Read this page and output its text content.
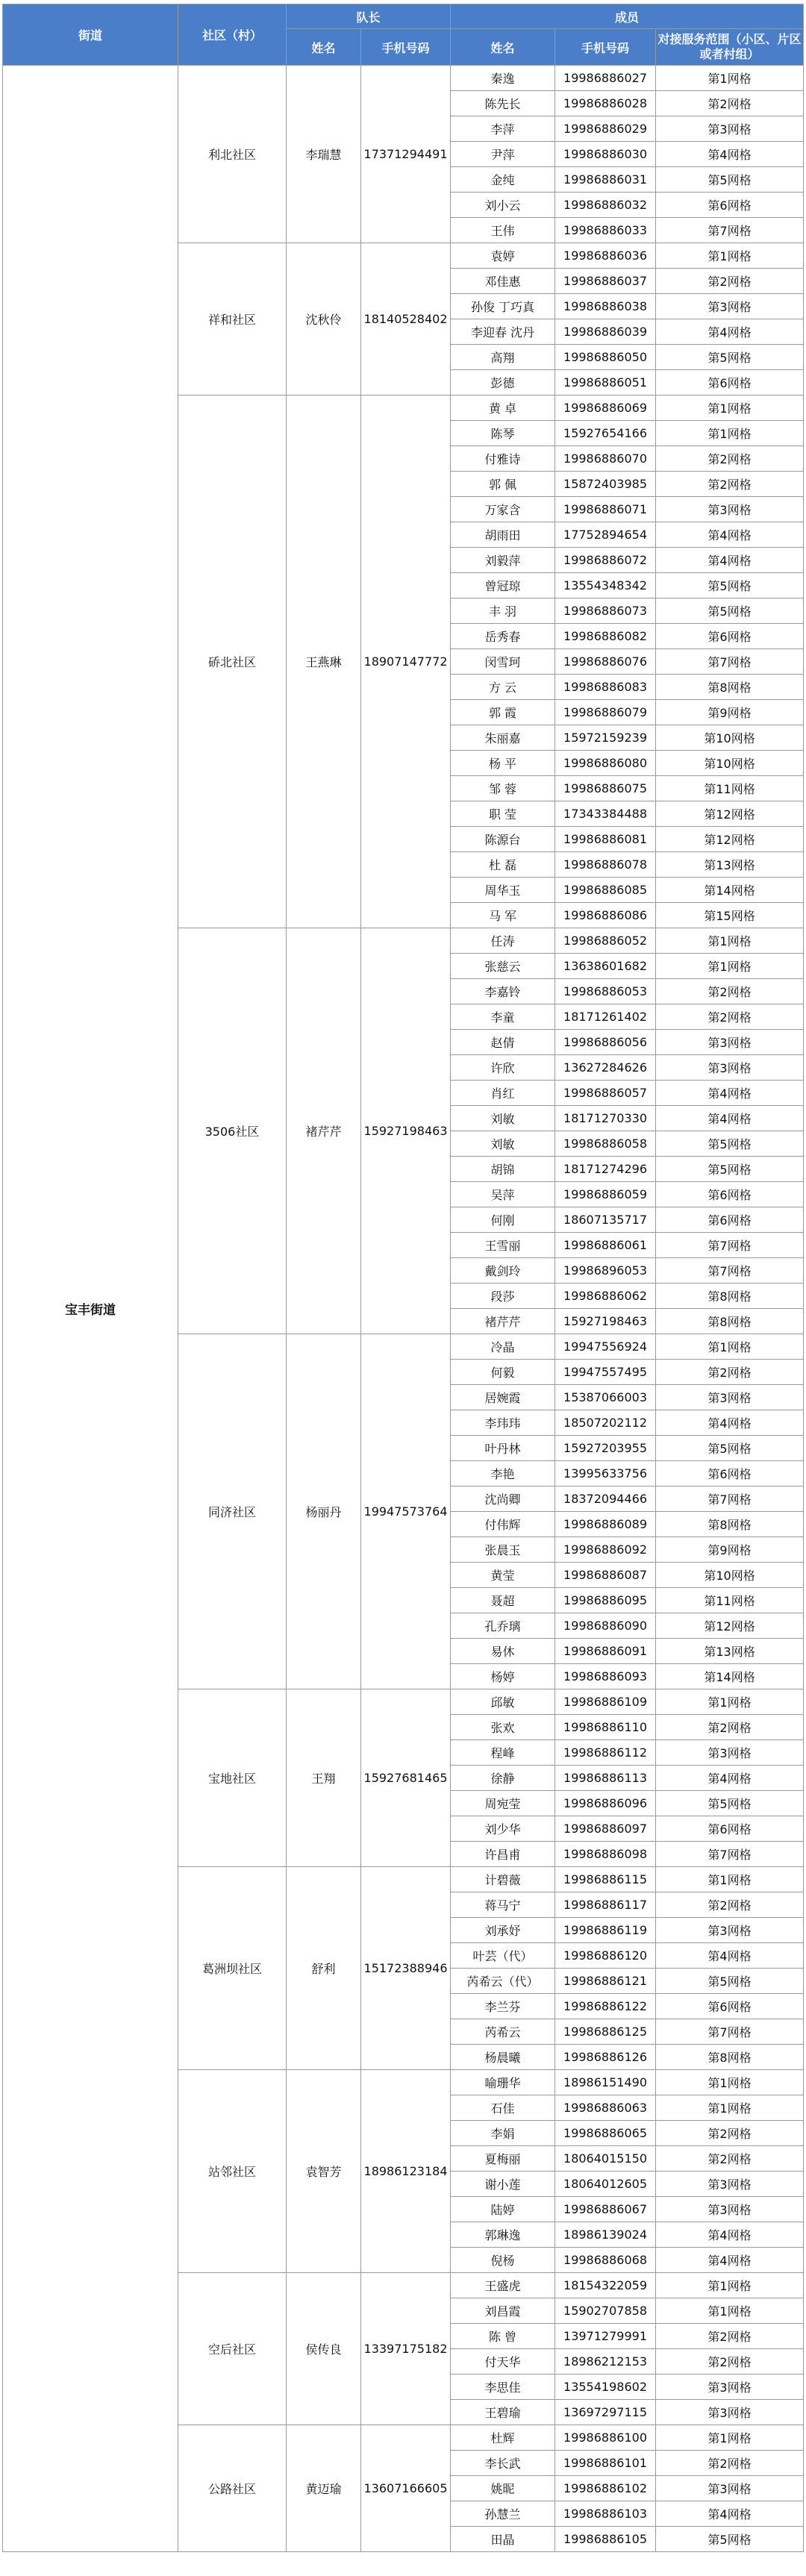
街道	社区（村）	队长		成员		
		姓名	手机号码	姓名	手机号码	对接服务范围（小区、片区或者村组）
宝丰街道	利北社区	李瑞慧	17371294491	秦逸	19986886027	第1网格
				陈先长	19986886028	第2网格
				李萍	19986886029	第3网格
				尹萍	19986886030	第4网格
				金纯	19986886031	第5网格
				刘小云	19986886032	第6网格
				王伟	19986886033	第7网格
	祥和社区	沈秋伶	18140528402	袁婷	19986886036	第1网格
				邓佳惠	19986886037	第2网格
				孙俊 丁巧真	19986886038	第3网格
				李迎春 沈丹	19986886039	第4网格
				高翔	19986886050	第5网格
				彭德	19986886051	第6网格
	硚北社区	王燕琳	18907147772	黄 卓	19986886069	第1网格
				陈琴	15927654166	第1网格
				付雅诗	19986886070	第2网格
				郭 佩	15872403985	第2网格
				万家含	19986886071	第3网格
				胡雨田	17752894654	第4网格
				刘毅萍	19986886072	第4网格
				曾冠琼	13554348342	第5网格
				丰 羽	19986886073	第5网格
				岳秀春	19986886082	第6网格
				闵雪珂	19986886076	第7网格
				方 云	19986886083	第8网格
				郭 霞	19986886079	第9网格
				朱丽嘉	15972159239	第10网格
				杨 平	19986886080	第10网格
				邹 蓉	19986886075	第11网格
				职 莹	17343384488	第12网格
				陈源台	19986886081	第12网格
				杜 磊	19986886078	第13网格
				周华玉	19986886085	第14网格
				马 军	19986886086	第15网格
	3506社区	褚芹芹	15927198463	任涛	19986886052	第1网格
				张慈云	13638601682	第1网格
				李嘉铃	19986886053	第2网格
				李童	18171261402	第2网格
				赵倩	19986886056	第3网格
				许欣	13627284626	第3网格
				肖红	19986886057	第4网格
				刘敏	18171270330	第4网格
				刘敏	19986886058	第5网格
				胡锦	18171274296	第5网格
				吴萍	19986886059	第6网格
				何刚	18607135717	第6网格
				王雪丽	19986886061	第7网格
				戴剑玲	19986896053	第7网格
				段莎	19986886062	第8网格
				褚芹芹	15927198463	第8网格
	同济社区	杨丽丹	19947573764	冷晶	19947556924	第1网格
				何毅	19947557495	第2网格
				居婉霞	15387066003	第3网格
				李玮玮	18507202112	第4网格
				叶丹林	15927203955	第5网格
				李艳	13995633756	第6网格
				沈尚卿	18372094466	第7网格
				付伟辉	19986886089	第8网格
				张晨玉	19986886092	第9网格
				黄莹	19986886087	第10网格
				聂超	19986886095	第11网格
				孔乔璃	19986886090	第12网格
				易休	19986886091	第13网格
				杨婷	19986886093	第14网格
	宝地社区	王翔	15927681465	邱敏	19986886109	第1网格
				张欢	19986886110	第2网格
				程峰	19986886112	第3网格
				徐静	19986886113	第4网格
				周宛莹	19986886096	第5网格
				刘少华	19986886097	第6网格
				许昌甫	19986886098	第7网格
	葛洲坝社区	舒利	15172388946	计碧薇	19986886115	第1网格
				蒋马宁	19986886117	第2网格
				刘承妤	19986886119	第3网格
				叶芸（代）	19986886120	第4网格
				芮希云（代）	19986886121	第5网格
				李兰芬	19986886122	第6网格
				芮希云	19986886125	第7网格
				杨晨曦	19986886126	第8网格
	站邻社区	袁智芳	18986123184	喻珊华	18986151490	第1网格
				石佳	19986886063	第1网格
				李娟	19986886065	第2网格
				夏梅丽	18064015150	第2网格
				谢小莲	18064012605	第3网格
				陆婷	19986886067	第3网格
				郭琳逸	18986139024	第4网格
				倪杨	19986886068	第4网格
	空后社区	侯传良	13397175182	王盛虎	18154322059	第1网格
				刘昌霞	15902707858	第1网格
				陈 曾	13971279991	第2网格
				付天华	18986212153	第2网格
				李思佳	13554198602	第3网格
				王碧瑜	13697297115	第3网格
	公路社区	黄迈瑜	13607166605	杜辉	19986886100	第1网格
				李长武	19986886101	第2网格
				姚昵	19986886102	第3网格
				孙慧兰	19986886103	第4网格
				田晶	19986886105	第5网格
